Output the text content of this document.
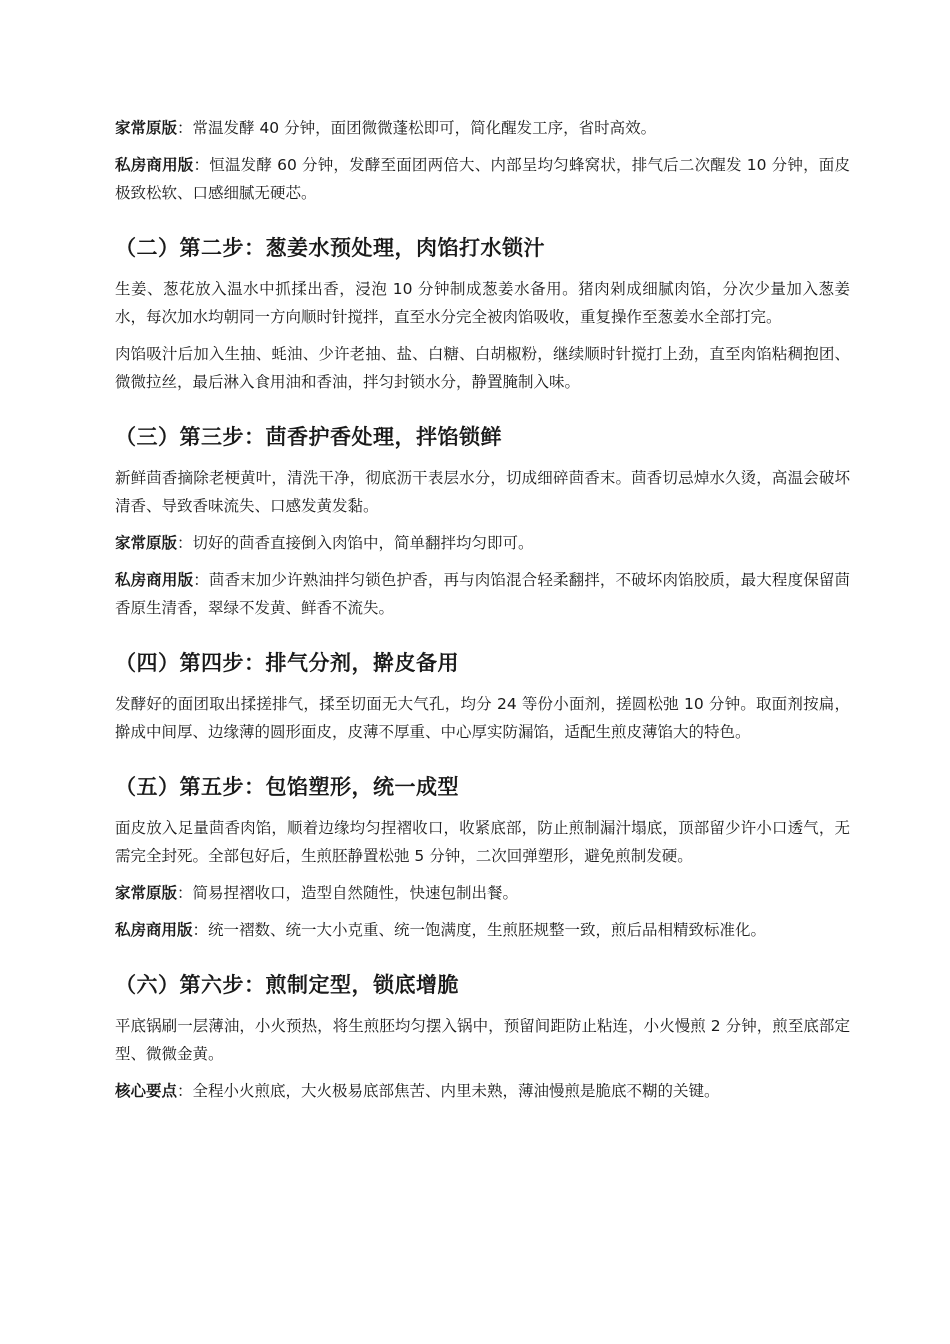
家常原版：常温发酵 40 分钟，面团微微蓬松即可，简化醒发工序，省时高效。

私房商用版：恒温发酵 60 分钟，发酵至面团两倍大、内部呈均匀蜂窝状，排气后二次醒发 10 分钟，面皮极致松软、口感细腻无硬芯。

（二）第二步：葱姜水预处理，肉馅打水锁汁

生姜、葱花放入温水中抓揉出香，浸泡 10 分钟制成葱姜水备用。猪肉剁成细腻肉馅，分次少量加入葱姜水，每次加水均朝同一方向顺时针搅拌，直至水分完全被肉馅吸收，重复操作至葱姜水全部打完。

肉馅吸汁后加入生抽、蚝油、少许老抽、盐、白糖、白胡椒粉，继续顺时针搅打上劲，直至肉馅粘稠抱团、微微拉丝，最后淋入食用油和香油，拌匀封锁水分，静置腌制入味。

（三）第三步：茴香护香处理，拌馅锁鲜

新鲜茴香摘除老梗黄叶，清洗干净，彻底沥干表层水分，切成细碎茴香末。茴香切忌焯水久烫，高温会破坏清香、导致香味流失、口感发黄发黏。

家常原版：切好的茴香直接倒入肉馅中，简单翻拌均匀即可。

私房商用版：茴香末加少许熟油拌匀锁色护香，再与肉馅混合轻柔翻拌，不破坏肉馅胶质，最大程度保留茴香原生清香，翠绿不发黄、鲜香不流失。

（四）第四步：排气分剂，擀皮备用

发酵好的面团取出揉搓排气，揉至切面无大气孔，均分 24 等份小面剂，搓圆松弛 10 分钟。取面剂按扁，擀成中间厚、边缘薄的圆形面皮，皮薄不厚重、中心厚实防漏馅，适配生煎皮薄馅大的特色。

（五）第五步：包馅塑形，统一成型

面皮放入足量茴香肉馅，顺着边缘均匀捏褶收口，收紧底部，防止煎制漏汁塌底，顶部留少许小口透气，无需完全封死。全部包好后，生煎胚静置松弛 5 分钟，二次回弹塑形，避免煎制发硬。

家常原版：简易捏褶收口，造型自然随性，快速包制出餐。

私房商用版：统一褶数、统一大小克重、统一饱满度，生煎胚规整一致，煎后品相精致标准化。

（六）第六步：煎制定型，锁底增脆

平底锅刷一层薄油，小火预热，将生煎胚均匀摆入锅中，预留间距防止粘连，小火慢煎 2 分钟，煎至底部定型、微微金黄。

核心要点：全程小火煎底，大火极易底部焦苦、内里未熟，薄油慢煎是脆底不糊的关键。
